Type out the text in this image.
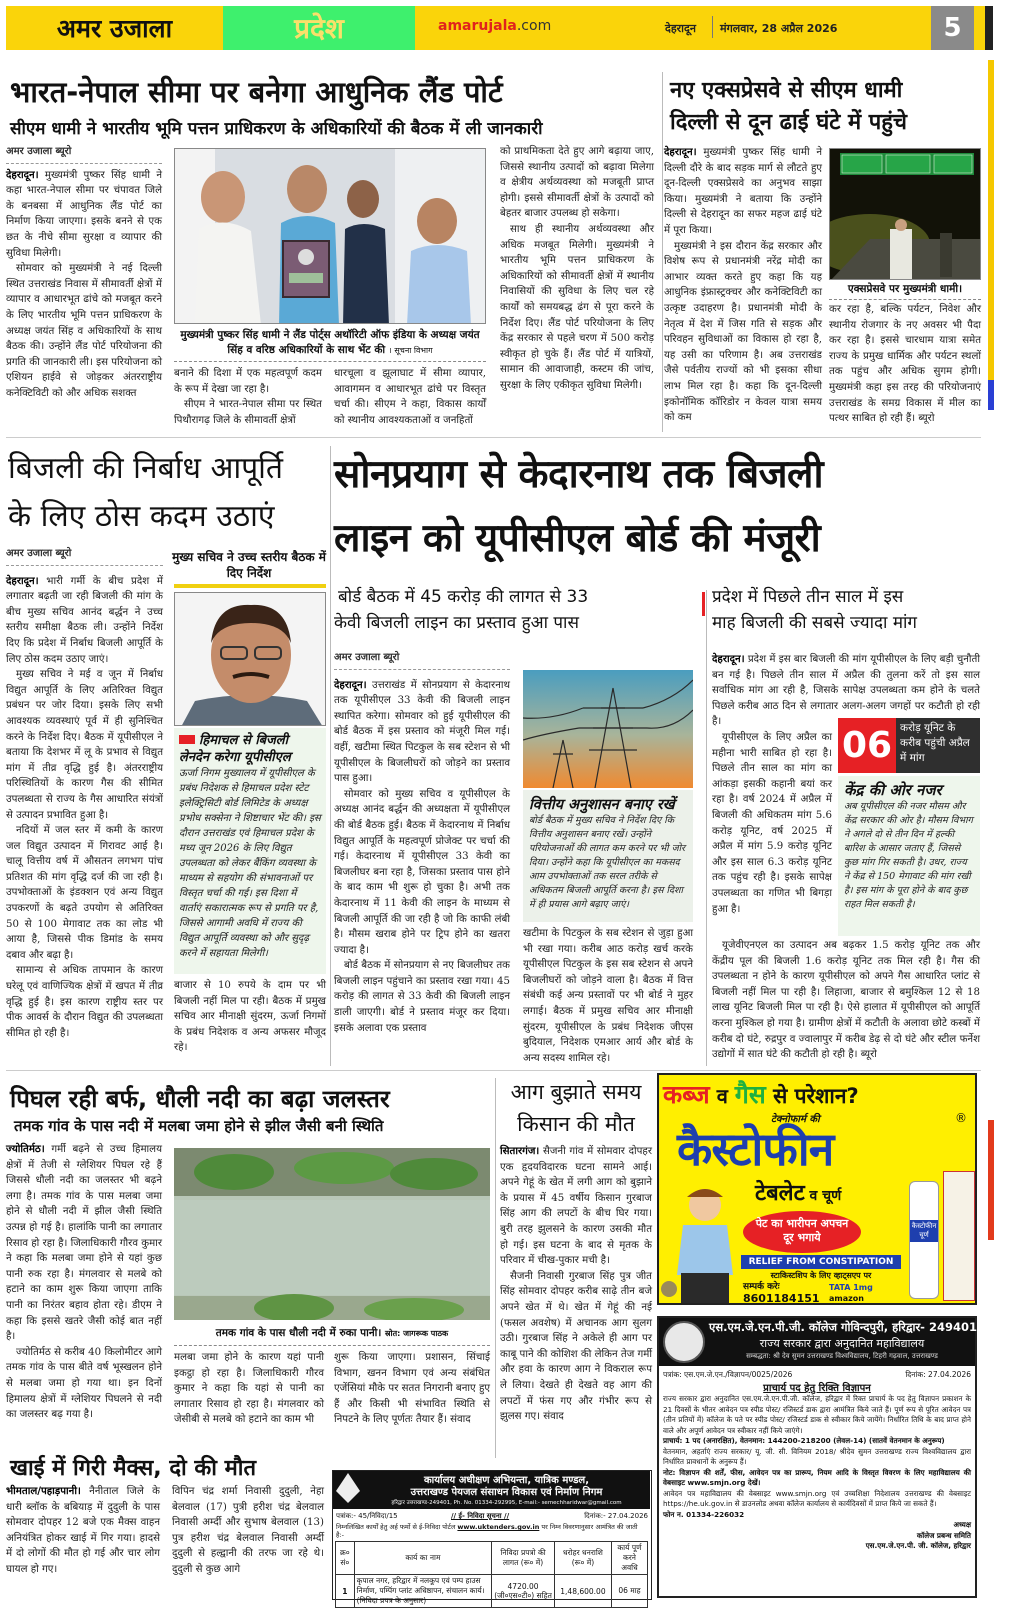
अमर उजाला	प्रदेश	amarujala.com	देहरादून मंगलवार, 28 अप्रैल 2026	5
भारत-नेपाल सीमा पर बनेगा आधुनिक लैंड पोर्ट
सीएम धामी ने भारतीय भूमि पत्तन प्राधिकरण के अधिकारियों की बैठक में ली जानकारी
अमर उजाला ब्यूरो

देहरादून। मुख्यमंत्री पुष्कर सिंह धामी ने कहा भारत-नेपाल सीमा पर चंपावत जिले के बनबसा में आधुनिक लैंड पोर्ट का निर्माण किया जाएगा। इसके बनने से एक छत के नीचे सीमा सुरक्षा व व्यापार की सुविधा मिलेगी।

सोमवार को मुख्यमंत्री ने नई दिल्ली स्थित उत्तराखंड निवास में सीमावर्ती क्षेत्रों में व्यापार व आधारभूत ढांचे को मजबूत करने के लिए भारतीय भूमि पत्तन प्राधिकरण के अध्यक्ष जयंत सिंह व अधिकारियों के साथ बैठक की। उन्होंने लैंड पोर्ट परियोजना की प्रगति की जानकारी ली। इस परियोजना को एशियन हाईवे से जोड़कर अंतरराष्ट्रीय कनेक्टिविटी को और अधिक सशक्त

मुख्यमंत्री पुष्कर सिंह धामी ने लैंड पोर्ट्स अथॉरिटी ऑफ इंडिया के अध्यक्ष जयंत सिंह व वरिष्ठ अधिकारियों के साथ भेंट की । सूचना विभाग

बनाने की दिशा में एक महत्वपूर्ण कदम के रूप में देखा जा रहा है।

सीएम ने भारत-नेपाल सीमा पर स्थित पिथौरागढ़ जिले के सीमावर्ती क्षेत्रों

धारचूला व झूलाघाट में सीमा व्यापार, आवागमन व आधारभूत ढांचे पर विस्तृत चर्चा की। सीएम ने कहा, विकास कार्यों को स्थानीय आवश्यकताओं व जनहितों

को प्राथमिकता देते हुए आगे बढ़ाया जाए, जिससे स्थानीय उत्पादों को बढ़ावा मिलेगा व क्षेत्रीय अर्थव्यवस्था को मजबूती प्राप्त होगी। इससे सीमावर्ती क्षेत्रों के उत्पादों को बेहतर बाजार उपलब्ध हो सकेगा।

साथ ही स्थानीय अर्थव्यवस्था और अधिक मजबूत मिलेगी। मुख्यमंत्री ने भारतीय भूमि पत्तन प्राधिकरण के अधिकारियों को सीमावर्ती क्षेत्रों में स्थानीय निवासियों की सुविधा के लिए चल रहे कार्यों को समयबद्ध ढंग से पूरा करने के निर्देश दिए। लैंड पोर्ट परियोजना के लिए केंद्र सरकार से पहले चरण में 500 करोड़ स्वीकृत हो चुके हैं। लैंड पोर्ट में यात्रियों, सामान की आवाजाही, कस्टम की जांच, सुरक्षा के लिए एकीकृत सुविधा मिलेगी।

नए एक्सप्रेसवे से सीएम धामी
दिल्ली से दून ढाई घंटे में पहुंचे

देहरादून। मुख्यमंत्री पुष्कर सिंह धामी ने दिल्ली दौरे के बाद सड़क मार्ग से लौटते हुए दून-दिल्ली एक्सप्रेसवे का अनुभव साझा किया। मुख्यमंत्री ने बताया कि उन्होंने दिल्ली से देहरादून का सफर महज ढाई घंटे में पूरा किया।

मुख्यमंत्री ने इस दौरान केंद्र सरकार और विशेष रूप से प्रधानमंत्री नरेंद्र मोदी का आभार व्यक्त करते हुए कहा कि यह आधुनिक इंफ्रास्ट्रक्चर और कनेक्टिविटी का उत्कृष्ट उदाहरण है। प्रधानमंत्री मोदी के नेतृत्व में देश में जिस गति से सड़क और परिवहन सुविधाओं का विकास हो रहा है, यह उसी का परिणाम है। अब उत्तराखंड जैसे पर्वतीय राज्यों को भी इसका सीधा लाभ मिल रहा है। कहा कि दून-दिल्ली इकोनॉमिक कॉरिडोर न केवल यात्रा समय को कम

एक्सप्रेसवे पर मुख्यमंत्री धामी।

कर रहा है, बल्कि पर्यटन, निवेश और स्थानीय रोजगार के नए अवसर भी पैदा कर रहा है। इससे चारधाम यात्रा समेत राज्य के प्रमुख धार्मिक और पर्यटन स्थलों तक पहुंच और अधिक सुगम होगी। मुख्यमंत्री कहा इस तरह की परियोजनाएं उत्तराखंड के समग्र विकास में मील का पत्थर साबित हो रही हैं। ब्यूरो

बिजली की निर्बाध आपूर्ति
के लिए ठोस कदम उठाएं
अमर उजाला ब्यूरो

देहरादून। भारी गर्मी के बीच प्रदेश में लगातार बढ़ती जा रही बिजली की मांग के बीच मुख्य सचिव आनंद बर्द्धन ने उच्च स्तरीय समीक्षा बैठक ली। उन्होंने निर्देश दिए कि प्रदेश में निर्बाध बिजली आपूर्ति के लिए ठोस कदम उठाए जाएं।

मुख्य सचिव ने मई व जून में निर्बाध विद्युत आपूर्ति के लिए अतिरिक्त विद्युत प्रबंधन पर जोर दिया। इसके लिए सभी आवश्यक व्यवस्थाएं पूर्व में ही सुनिश्चित करने के निर्देश दिए। बैठक में यूपीसीएल ने बताया कि देशभर में लू के प्रभाव से विद्युत मांग में तीव्र वृद्धि हुई है। अंतरराष्ट्रीय परिस्थितियों के कारण गैस की सीमित उपलब्धता से राज्य के गैस आधारित संयंत्रों से उत्पादन प्रभावित हुआ है।

नदियों में जल स्तर में कमी के कारण जल विद्युत उत्पादन में गिरावट आई है। चालू वित्तीय वर्ष में औसतन लगभग पांच प्रतिशत की मांग वृद्धि दर्ज की जा रही है। उपभोक्ताओं के इंडक्शन एवं अन्य विद्युत उपकरणों के बढ़ते उपयोग से अतिरिक्त 50 से 100 मेगावाट तक का लोड भी आया है, जिससे पीक डिमांड के समय दबाव और बढ़ा है।

सामान्य से अधिक तापमान के कारण घरेलू एवं वाणिज्यिक क्षेत्रों में खपत में तीव्र वृद्धि हुई है। इस कारण राष्ट्रीय स्तर पर पीक आवर्स के दौरान विद्युत की उपलब्धता सीमित हो रही है।

मुख्य सचिव ने उच्च स्तरीय बैठक में दिए निर्देश
हिमाचल से बिजली लेनदेन करेगा यूपीसीएल
ऊर्जा निगम मुख्यालय में यूपीसीएल के प्रबंध निदेशक से हिमाचल प्रदेश स्टेट इलेक्ट्रिसिटी बोर्ड लिमिटेड के अध्यक्ष प्रभोध सक्सेना ने शिष्टाचार भेंट की। इस दौरान उत्तराखंड एवं हिमाचल प्रदेश के मध्य जून 2026 के लिए विद्युत उपलब्धता को लेकर बैंकिंग व्यवस्था के माध्यम से सहयोग की संभावनाओं पर विस्तृत चर्चा की गई। इस दिशा में वार्ताएं सकारात्मक रूप से प्रगति पर है, जिससे आगामी अवधि में राज्य की विद्युत आपूर्ति व्यवस्था को और सुदृढ़ करने में सहायता मिलेगी।

बाजार से 10 रुपये के दाम पर भी बिजली नहीं मिल पा रही। बैठक में प्रमुख सचिव आर मीनाक्षी सुंदरम, ऊर्जा निगमों के प्रबंध निदेशक व अन्य अफसर मौजूद रहे।

सोनप्रयाग से केदारनाथ तक बिजली
लाइन को यूपीसीएल बोर्ड की मंजूरी
बोर्ड बैठक में 45 करोड़ की लागत से 33
केवी बिजली लाइन का प्रस्ताव हुआ पास
अमर उजाला ब्यूरो

देहरादून। उत्तराखंड में सोनप्रयाग से केदारनाथ तक यूपीसीएल 33 केवी की बिजली लाइन स्थापित करेगा। सोमवार को हुई यूपीसीएल की बोर्ड बैठक में इस प्रस्ताव को मंजूरी मिल गई। वहीं, खटीमा स्थित पिटकुल के सब स्टेशन से भी यूपीसीएल के बिजलीघरों को जोड़ने का प्रस्ताव पास हुआ।

सोमवार को मुख्य सचिव व यूपीसीएल के अध्यक्ष आनंद बर्द्धन की अध्यक्षता में यूपीसीएल की बोर्ड बैठक हुई। बैठक में केदारनाथ में निर्बाध विद्युत आपूर्ति के महत्वपूर्ण प्रोजेक्ट पर चर्चा की गई। केदारनाथ में यूपीसीएल 33 केवी का बिजलीघर बना रहा है, जिसका प्रस्ताव पास होने के बाद काम भी शुरू हो चुका है। अभी तक केदारनाथ में 11 केवी की लाइन के माध्यम से बिजली आपूर्ति की जा रही है जो कि काफी लंबी है। मौसम खराब होने पर ट्रिप होने का खतरा ज्यादा है।

बोर्ड बैठक में सोनप्रयाग से नए बिजलीघर तक बिजली लाइन पहुंचाने का प्रस्ताव रखा गया। 45 करोड़ की लागत से 33 केवी की बिजली लाइन डाली जाएगी। बोर्ड ने प्रस्ताव मंजूर कर दिया। इसके अलावा एक प्रस्ताव

वित्तीय अनुशासन बनाए रखें
बोर्ड बैठक में मुख्य सचिव ने निर्देश दिए कि वित्तीय अनुशासन बनाए रखें। उन्होंने परियोजनाओं की लागत कम करने पर भी जोर दिया। उन्होंने कहा कि यूपीसीएल का मकसद आम उपभोक्ताओं तक सरल तरीके से अधिकतम बिजली आपूर्ति करना है। इस दिशा में ही प्रयास आगे बढ़ाए जाएं।

खटीमा के पिटकुल के सब स्टेशन से जुड़ा हुआ भी रखा गया। करीब आठ करोड़ खर्च करके यूपीसीएल पिटकुल के इस सब स्टेशन से अपने बिजलीघरों को जोड़ने वाला है। बैठक में वित्त संबंधी कई अन्य प्रस्तावों पर भी बोर्ड ने मुहर लगाई। बैठक में प्रमुख सचिव आर मीनाक्षी सुंदरम, यूपीसीएल के प्रबंध निदेशक जीएस बुदियाल, निदेशक एमआर आर्य और बोर्ड के अन्य सदस्य शामिल रहे।

प्रदेश में पिछले तीन साल में इस
माह बिजली की सबसे ज्यादा मांग

देहरादून। प्रदेश में इस बार बिजली की मांग यूपीसीएल के लिए बड़ी चुनौती बन गई है। पिछले तीन साल में अप्रैल की तुलना करें तो इस साल सर्वाधिक मांग आ रही है, जिसके सापेक्ष उपलब्धता कम होने के चलते पिछले करीब आठ दिन से लगातार अलग-अलग जगहों पर कटौती हो रही है।

यूपीसीएल के लिए अप्रैल का महीना भारी साबित हो रहा है। पिछले तीन साल का मांग का आंकड़ा इसकी कहानी बयां कर रहा है। वर्ष 2024 में अप्रैल में बिजली की अधिकतम मांग 5.6 करोड़ यूनिट, वर्ष 2025 में अप्रैल में मांग 5.9 करोड़ यूनिट और इस साल 6.3 करोड़ यूनिट तक पहुंच रही है। इसके सापेक्ष उपलब्धता का गणित भी बिगड़ा हुआ है।

06 करोड़ यूनिट के करीब पहुंची अप्रैल में मांग
केंद्र की ओर नजर
अब यूपीसीएल की नजर मौसम और केंद्र सरकार की ओर है। मौसम विभाग ने अगले दो से तीन दिन में हल्की बारिश के आसार जताए हैं, जिससे कुछ मांग गिर सकती है। उधर, राज्य ने केंद्र से 150 मेगावाट की मांग रखी है। इस मांग के पूरा होने के बाद कुछ राहत मिल सकती है।

यूजेवीएनएल का उत्पादन अब बढ़कर 1.5 करोड़ यूनिट तक और केंद्रीय पूल की बिजली 1.6 करोड़ यूनिट तक मिल रही है। गैस की उपलब्धता न होने के कारण यूपीसीएल को अपने गैस आधारित प्लांट से बिजली नहीं मिल पा रही है। लिहाजा, बाजार से बमुश्किल 12 से 18 लाख यूनिट बिजली मिल पा रही है। ऐसे हालात में यूपीसीएल को आपूर्ति करना मुश्किल हो गया है। ग्रामीण क्षेत्रों में कटौती के अलावा छोटे कस्बों में करीब दो घंटे, रुद्रपुर व ज्वालापुर में करीब डेढ़ से दो घंटे और स्टील फर्नेश उद्योगों में सात घंटे की कटौती हो रही है। ब्यूरो

पिघल रही बर्फ, धौली नदी का बढ़ा जलस्तर
तमक गांव के पास नदी में मलबा जमा होने से झील जैसी बनी स्थिति

ज्योतिर्मठ। गर्मी बढ़ने से उच्च हिमालय क्षेत्रों में तेजी से ग्लेशियर पिघल रहे हैं जिससे धौली नदी का जलस्तर भी बढ़ने लगा है। तमक गांव के पास मलबा जमा होने से धौली नदी में झील जैसी स्थिति उत्पन्न हो गई है। हालांकि पानी का लगातार रिसाव हो रहा है। जिलाधिकारी गौरव कुमार ने कहा कि मलबा जमा होने से यहां कुछ पानी रुक रहा है। मंगलवार से मलबे को हटाने का काम शुरू किया जाएगा ताकि पानी का निरंतर बहाव होता रहे। डीएम ने कहा कि इससे खतरे जैसी कोई बात नहीं है।

ज्योतिर्मठ से करीब 40 किलोमीटर आगे तमक गांव के पास बीते वर्ष भूस्खलन होने से मलबा जमा हो गया था। इन दिनों हिमालय क्षेत्रों में ग्लेशियर पिघलने से नदी का जलस्तर बढ़ गया है।

तमक गांव के पास धौली नदी में रुका पानी। स्रोत: जागरूक पाठक

मलबा जमा होने के कारण यहां पानी इकट्ठा हो रहा है। जिलाधिकारी गौरव कुमार ने कहा कि यहां से पानी का लगातार रिसाव हो रहा है। मंगलवार को जेसीबी से मलबे को हटाने का काम भी

शुरू किया जाएगा। प्रशासन, सिंचाई विभाग, खनन विभाग एवं अन्य संबंधित एजेंसियां मौके पर सतत निगरानी बनाए हुए हैं और किसी भी संभावित स्थिति से निपटने के लिए पूर्णतः तैयार हैं। संवाद

आग बुझाते समय
किसान की मौत

सितारगंज। सैजनी गांव में सोमवार दोपहर एक हृदयविदारक घटना सामने आई। अपने गेहूं के खेत में लगी आग को बुझाने के प्रयास में 45 वर्षीय किसान गुरबाज सिंह आग की लपटों के बीच घिर गया। बुरी तरह झुलसने के कारण उसकी मौत हो गई। इस घटना के बाद से मृतक के परिवार में चीख-पुकार मची है।

सैजनी निवासी गुरबाज सिंह पुत्र जीत सिंह सोमवार दोपहर करीब साढ़े तीन बजे अपने खेत में थे। खेत में गेहूं की नई (फसल अवशेष) में अचानक आग सुलग उठी। गुरबाज सिंह ने अकेले ही आग पर काबू पाने की कोशिश की लेकिन तेज गर्मी और हवा के कारण आग ने विकराल रूप ले लिया। देखते ही देखते वह आग की लपटों में फंस गए और गंभीर रूप से झुलस गए। संवाद

कब्ज व गैस से परेशान?
टेक्नोफार्म की
कैस्टोफीन
®
टेबलेट व चूर्ण
पेट का भारीपन अपचन दूर भगाये
RELIEF FROM CONSTIPATION
स्टाकिस्टशिप के लिए व्हाट्सएप पर
सम्पर्क करेः
8601184151
TATA 1mg
amazon
कैस्टोफीन चूर्ण
एस.एम.जे.एन.पी.जी. कॉलेज गोविन्दपुरी, हरिद्वार- 249401
राज्य सरकार द्वारा अनुदानित महाविद्यालय
सम्बद्धता: श्री देव सुमन उत्तराखण्ड विश्वविद्यालय, टिहरी गढ़वाल, उत्तराखण्ड
पत्रांक: एस.एम.जे.एन./विज्ञापन/0025/2026	दिनांक: 27.04.2026
प्राचार्य पद हेतु रिक्ति विज्ञापन
राज्य सरकार द्वारा अनुदानित एस.एम.जे.एन.पी.जी. कॉलेज, हरिद्वार में रिक्त प्राचार्य के पद हेतु विज्ञापन प्रकाशन के 21 दिवसों के भीतर आवेदन पत्र स्पीड पोस्ट/ रजिस्टर्ड डाक द्वारा आमंत्रित किये जाते हैं। पूर्ण रूप से पूरित आवेदन पत्र (तीन प्रतियों में) कॉलेज के पते पर स्पीड पोस्ट/ रजिस्टर्ड डाक से स्वीकार किये जायेंगे। निर्धारित तिथि के बाद प्राप्त होने वाले और अपूर्ण आवेदन पत्र स्वीकार नहीं किये जाएंगे।
प्राचार्य: 1 पद (अनारक्षित), वेतनमान: 144200-218200 (लेवल-14) (सातवें वेतनमान के अनुरूप)
वेतनमान, अहर्ताएं राज्य सरकार/ यू. जी. सी. विनियम 2018/ श्रीदेव सुमन उत्तराखण्ड राज्य विश्वविद्यालय द्वारा निर्धारित प्रावधानों के अनुरूप हैं।
नोट: विज्ञापन की शर्तें, फीस, आवेदन पत्र का प्रारूप, नियम आदि के विस्तृत विवरण के लिए महाविद्यालय की वेबसाइट www.smjn.org देखें।
आवेदन पत्र महाविद्यालय की वेबसाइट www.smjn.org एवं उच्चशिक्षा निदेशालय उत्तराखण्ड की वेबसाइट https://he.uk.gov.in से डाउनलोड अथवा कॉलेज कार्यालय से कार्यदिवसों में प्राप्त किये जा सकते हैं।
फोन न. 01334-226032
अध्यक्ष
कॉलेज प्रबन्ध समिति
एस.एम.जे.एन.पी. जी. कॉलेज, हरिद्वार
खाई में गिरी मैक्स, दो की मौत

भीमताल/पहाड़पानी। नैनीताल जिले के धारी ब्लॉक के बबियाड़ में दुदुली के पास सोमवार दोपहर 12 बजे एक मैक्स वाहन अनियंत्रित होकर खाई में गिर गया। हादसे में दो लोगों की मौत हो गई और चार लोग घायल हो गए।

विपिन चंद्र शर्मा निवासी दुदुली, नेहा बेलवाल (17) पुत्री हरीश चंद्र बेलवाल निवासी अर्म्दी और सुभाष बेलवाल (13) पुत्र हरीश चंद्र बेलवाल निवासी अर्म्दी दुदुली से हल्द्वानी की तरफ जा रहे थे। दुदुली से कुछ आगे

कार्यालय अधीक्षण अभियन्ता, यात्रिक मण्डल,
उत्तराखण्ड पेयजल संसाधन विकास एवं निर्माण निगम
हरिद्वार उत्तराखण्ड-249401, Ph. No. 01334-292995, E-mail:- semechharidwar@gmail.com
पत्रांक:- 45/निविदा/15	// ई- निविदा सूचना //	दिनांक:- 27.04.2026
निम्नलिखित कार्यों हेतु अर्ह फर्मो से ई-निविदा पोर्टल www.uktenders.gov.in पर निम्न विवरणानुसार आमंत्रित की जाती है:-
क्र० सं०	कार्य का नाम	निविदा प्रपत्रो की लागत (रू० में)	धरोहर धनराशि (रू० में)	कार्य पूर्ण करने अवधि
1	कृपाल नगर, हरिद्वार में नलकूप एवं पम्प हाउस निर्माण, पम्पिंग प्लांट अधिष्ठापन, संचालन कार्य। (निविदा प्रपत्र के अनुसार)	4720.00 (जी०एस०टी०) सहित	1,48,600.00	06 माह
